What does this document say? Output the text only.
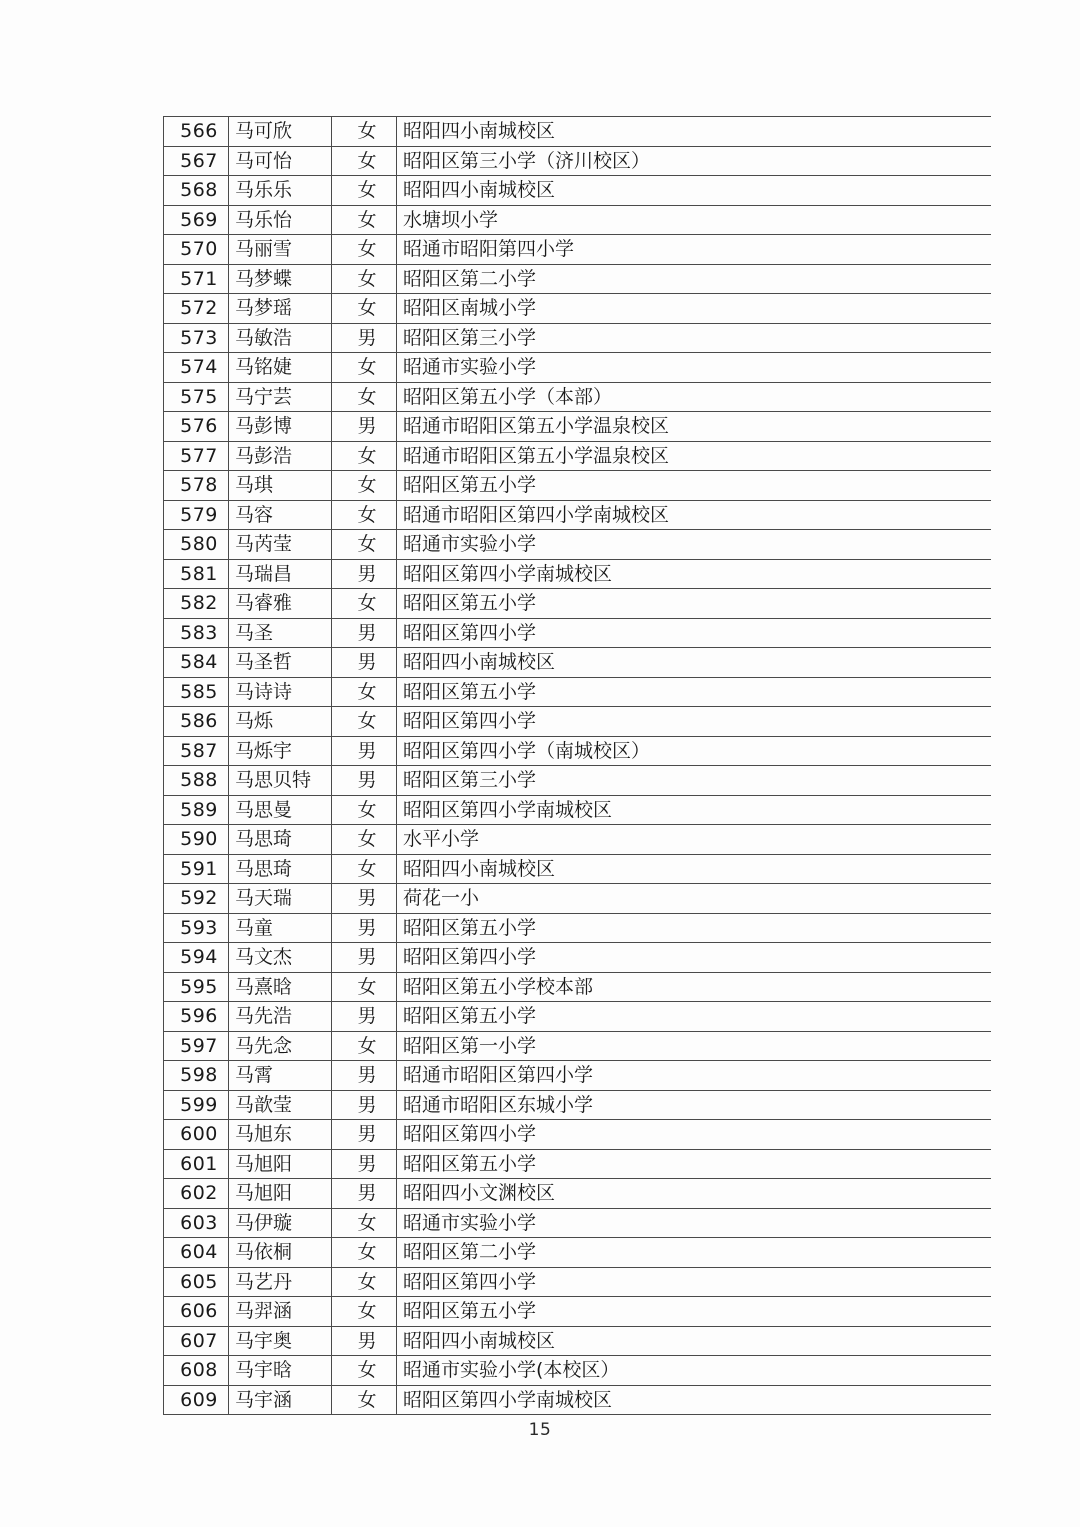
566	马可欣	女	昭阳四小南城校区
567	马可怡	女	昭阳区第三小学（济川校区）
568	马乐乐	女	昭阳四小南城校区
569	马乐怡	女	水塘坝小学
570	马丽雪	女	昭通市昭阳第四小学
571	马梦蝶	女	昭阳区第二小学
572	马梦瑶	女	昭阳区南城小学
573	马敏浩	男	昭阳区第三小学
574	马铭婕	女	昭通市实验小学
575	马宁芸	女	昭阳区第五小学（本部）
576	马彭博	男	昭通市昭阳区第五小学温泉校区
577	马彭浩	女	昭通市昭阳区第五小学温泉校区
578	马琪	女	昭阳区第五小学
579	马容	女	昭通市昭阳区第四小学南城校区
580	马芮莹	女	昭通市实验小学
581	马瑞昌	男	昭阳区第四小学南城校区
582	马睿雅	女	昭阳区第五小学
583	马圣	男	昭阳区第四小学
584	马圣哲	男	昭阳四小南城校区
585	马诗诗	女	昭阳区第五小学
586	马烁	女	昭阳区第四小学
587	马烁宇	男	昭阳区第四小学（南城校区）
588	马思贝特	男	昭阳区第三小学
589	马思曼	女	昭阳区第四小学南城校区
590	马思琦	女	水平小学
591	马思琦	女	昭阳四小南城校区
592	马天瑞	男	荷花一小
593	马童	男	昭阳区第五小学
594	马文杰	男	昭阳区第四小学
595	马熹晗	女	昭阳区第五小学校本部
596	马先浩	男	昭阳区第五小学
597	马先念	女	昭阳区第一小学
598	马霄	男	昭通市昭阳区第四小学
599	马歆莹	男	昭通市昭阳区东城小学
600	马旭东	男	昭阳区第四小学
601	马旭阳	男	昭阳区第五小学
602	马旭阳	男	昭阳四小文渊校区
603	马伊璇	女	昭通市实验小学
604	马依桐	女	昭阳区第二小学
605	马艺丹	女	昭阳区第四小学
606	马羿涵	女	昭阳区第五小学
607	马宇奥	男	昭阳四小南城校区
608	马宇晗	女	昭通市实验小学(本校区）
609	马宇涵	女	昭阳区第四小学南城校区
15
